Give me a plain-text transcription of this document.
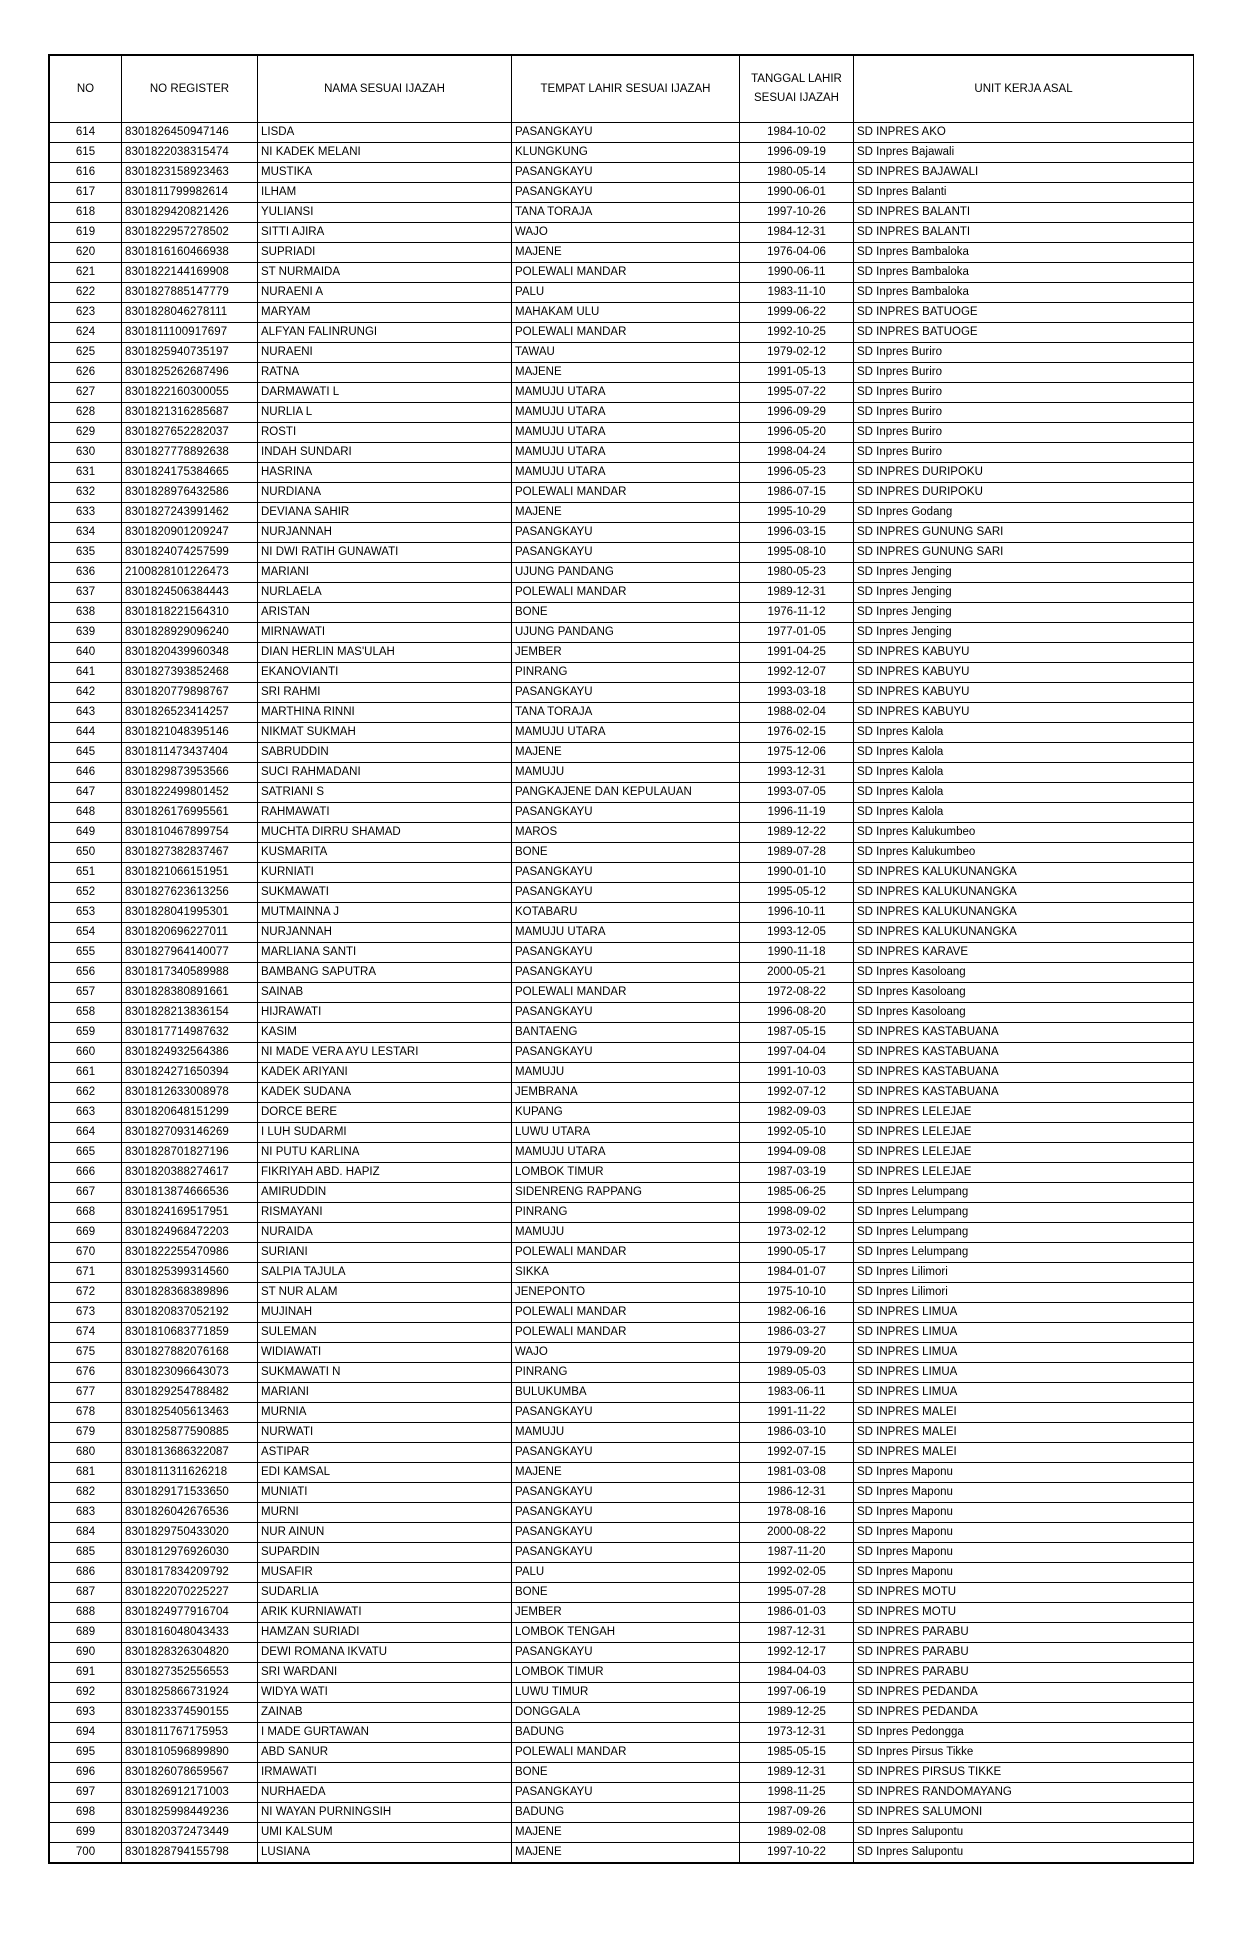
NO	NO REGISTER	NAMA SESUAI IJAZAH	TEMPAT LAHIR SESUAI IJAZAH	TANGGAL LAHIR SESUAI IJAZAH	UNIT KERJA ASAL
614	8301826450947146	LISDA	PASANGKAYU	1984-10-02	SD INPRES AKO
615	8301822038315474	NI KADEK MELANI	KLUNGKUNG	1996-09-19	SD Inpres Bajawali
616	8301823158923463	MUSTIKA	PASANGKAYU	1980-05-14	SD INPRES BAJAWALI
617	8301811799982614	ILHAM	PASANGKAYU	1990-06-01	SD Inpres Balanti
618	8301829420821426	YULIANSI	TANA TORAJA	1997-10-26	SD INPRES BALANTI
619	8301822957278502	SITTI AJIRA	WAJO	1984-12-31	SD INPRES BALANTI
620	8301816160466938	SUPRIADI	MAJENE	1976-04-06	SD Inpres Bambaloka
621	8301822144169908	ST NURMAIDA	POLEWALI MANDAR	1990-06-11	SD Inpres Bambaloka
622	8301827885147779	NURAENI A	PALU	1983-11-10	SD Inpres Bambaloka
623	8301828046278111	MARYAM	MAHAKAM ULU	1999-06-22	SD INPRES BATUOGE
624	8301811100917697	ALFYAN FALINRUNGI	POLEWALI MANDAR	1992-10-25	SD INPRES BATUOGE
625	8301825940735197	NURAENI	TAWAU	1979-02-12	SD Inpres Buriro
626	8301825262687496	RATNA	MAJENE	1991-05-13	SD Inpres Buriro
627	8301822160300055	DARMAWATI L	MAMUJU UTARA	1995-07-22	SD Inpres Buriro
628	8301821316285687	NURLIA L	MAMUJU UTARA	1996-09-29	SD Inpres Buriro
629	8301827652282037	ROSTI	MAMUJU UTARA	1996-05-20	SD Inpres Buriro
630	8301827778892638	INDAH SUNDARI	MAMUJU UTARA	1998-04-24	SD Inpres Buriro
631	8301824175384665	HASRINA	MAMUJU UTARA	1996-05-23	SD INPRES DURIPOKU
632	8301828976432586	NURDIANA	POLEWALI MANDAR	1986-07-15	SD INPRES DURIPOKU
633	8301827243991462	DEVIANA SAHIR	MAJENE	1995-10-29	SD Inpres Godang
634	8301820901209247	NURJANNAH	PASANGKAYU	1996-03-15	SD INPRES GUNUNG SARI
635	8301824074257599	NI DWI RATIH GUNAWATI	PASANGKAYU	1995-08-10	SD INPRES GUNUNG SARI
636	2100828101226473	MARIANI	UJUNG PANDANG	1980-05-23	SD Inpres Jenging
637	8301824506384443	NURLAELA	POLEWALI MANDAR	1989-12-31	SD Inpres Jenging
638	8301818221564310	ARISTAN	BONE	1976-11-12	SD Inpres Jenging
639	8301828929096240	MIRNAWATI	UJUNG PANDANG	1977-01-05	SD Inpres Jenging
640	8301820439960348	DIAN HERLIN MAS'ULAH	JEMBER	1991-04-25	SD INPRES KABUYU
641	8301827393852468	EKANOVIANTI	PINRANG	1992-12-07	SD INPRES KABUYU
642	8301820779898767	SRI RAHMI	PASANGKAYU	1993-03-18	SD INPRES KABUYU
643	8301826523414257	MARTHINA RINNI	TANA TORAJA	1988-02-04	SD INPRES KABUYU
644	8301821048395146	NIKMAT SUKMAH	MAMUJU UTARA	1976-02-15	SD Inpres Kalola
645	8301811473437404	SABRUDDIN	MAJENE	1975-12-06	SD Inpres Kalola
646	8301829873953566	SUCI RAHMADANI	MAMUJU	1993-12-31	SD Inpres Kalola
647	8301822499801452	SATRIANI S	PANGKAJENE DAN KEPULAUAN	1993-07-05	SD Inpres Kalola
648	8301826176995561	RAHMAWATI	PASANGKAYU	1996-11-19	SD Inpres Kalola
649	8301810467899754	MUCHTA DIRRU SHAMAD	MAROS	1989-12-22	SD Inpres Kalukumbeo
650	8301827382837467	KUSMARITA	BONE	1989-07-28	SD Inpres Kalukumbeo
651	8301821066151951	KURNIATI	PASANGKAYU	1990-01-10	SD INPRES KALUKUNANGKA
652	8301827623613256	SUKMAWATI	PASANGKAYU	1995-05-12	SD INPRES KALUKUNANGKA
653	8301828041995301	MUTMAINNA J	KOTABARU	1996-10-11	SD INPRES KALUKUNANGKA
654	8301820696227011	NURJANNAH	MAMUJU UTARA	1993-12-05	SD INPRES KALUKUNANGKA
655	8301827964140077	MARLIANA SANTI	PASANGKAYU	1990-11-18	SD INPRES KARAVE
656	8301817340589988	BAMBANG SAPUTRA	PASANGKAYU	2000-05-21	SD Inpres Kasoloang
657	8301828380891661	SAINAB	POLEWALI MANDAR	1972-08-22	SD Inpres Kasoloang
658	8301828213836154	HIJRAWATI	PASANGKAYU	1996-08-20	SD Inpres Kasoloang
659	8301817714987632	KASIM	BANTAENG	1987-05-15	SD INPRES KASTABUANA
660	8301824932564386	NI MADE VERA AYU LESTARI	PASANGKAYU	1997-04-04	SD INPRES KASTABUANA
661	8301824271650394	KADEK ARIYANI	MAMUJU	1991-10-03	SD INPRES KASTABUANA
662	8301812633008978	KADEK SUDANA	JEMBRANA	1992-07-12	SD INPRES KASTABUANA
663	8301820648151299	DORCE BERE	KUPANG	1982-09-03	SD INPRES LELEJAE
664	8301827093146269	I LUH SUDARMI	LUWU UTARA	1992-05-10	SD INPRES LELEJAE
665	8301828701827196	NI PUTU KARLINA	MAMUJU UTARA	1994-09-08	SD INPRES LELEJAE
666	8301820388274617	FIKRIYAH ABD. HAPIZ	LOMBOK TIMUR	1987-03-19	SD INPRES LELEJAE
667	8301813874666536	AMIRUDDIN	SIDENRENG RAPPANG	1985-06-25	SD Inpres Lelumpang
668	8301824169517951	RISMAYANI	PINRANG	1998-09-02	SD Inpres Lelumpang
669	8301824968472203	NURAIDA	MAMUJU	1973-02-12	SD Inpres Lelumpang
670	8301822255470986	SURIANI	POLEWALI MANDAR	1990-05-17	SD Inpres Lelumpang
671	8301825399314560	SALPIA TAJULA	SIKKA	1984-01-07	SD Inpres Lilimori
672	8301828368389896	ST NUR ALAM	JENEPONTO	1975-10-10	SD Inpres Lilimori
673	8301820837052192	MUJINAH	POLEWALI MANDAR	1982-06-16	SD INPRES LIMUA
674	8301810683771859	SULEMAN	POLEWALI MANDAR	1986-03-27	SD INPRES LIMUA
675	8301827882076168	WIDIAWATI	WAJO	1979-09-20	SD INPRES LIMUA
676	8301823096643073	SUKMAWATI N	PINRANG	1989-05-03	SD INPRES LIMUA
677	8301829254788482	MARIANI	BULUKUMBA	1983-06-11	SD INPRES LIMUA
678	8301825405613463	MURNIA	PASANGKAYU	1991-11-22	SD INPRES MALEI
679	8301825877590885	NURWATI	MAMUJU	1986-03-10	SD INPRES MALEI
680	8301813686322087	ASTIPAR	PASANGKAYU	1992-07-15	SD INPRES MALEI
681	8301811311626218	EDI KAMSAL	MAJENE	1981-03-08	SD Inpres Maponu
682	8301829171533650	MUNIATI	PASANGKAYU	1986-12-31	SD Inpres Maponu
683	8301826042676536	MURNI	PASANGKAYU	1978-08-16	SD Inpres Maponu
684	8301829750433020	NUR AINUN	PASANGKAYU	2000-08-22	SD Inpres Maponu
685	8301812976926030	SUPARDIN	PASANGKAYU	1987-11-20	SD Inpres Maponu
686	8301817834209792	MUSAFIR	PALU	1992-02-05	SD Inpres Maponu
687	8301822070225227	SUDARLIA	BONE	1995-07-28	SD INPRES MOTU
688	8301824977916704	ARIK KURNIAWATI	JEMBER	1986-01-03	SD INPRES MOTU
689	8301816048043433	HAMZAN SURIADI	LOMBOK TENGAH	1987-12-31	SD INPRES PARABU
690	8301828326304820	DEWI ROMANA IKVATU	PASANGKAYU	1992-12-17	SD INPRES PARABU
691	8301827352556553	SRI WARDANI	LOMBOK TIMUR	1984-04-03	SD INPRES PARABU
692	8301825866731924	WIDYA WATI	LUWU TIMUR	1997-06-19	SD INPRES PEDANDA
693	8301823374590155	ZAINAB	DONGGALA	1989-12-25	SD INPRES PEDANDA
694	8301811767175953	I MADE GURTAWAN	BADUNG	1973-12-31	SD Inpres Pedongga
695	8301810596899890	ABD SANUR	POLEWALI MANDAR	1985-05-15	SD Inpres Pirsus Tikke
696	8301826078659567	IRMAWATI	BONE	1989-12-31	SD INPRES PIRSUS TIKKE
697	8301826912171003	NURHAEDA	PASANGKAYU	1998-11-25	SD INPRES RANDOMAYANG
698	8301825998449236	NI WAYAN PURNINGSIH	BADUNG	1987-09-26	SD INPRES SALUMONI
699	8301820372473449	UMI KALSUM	MAJENE	1989-02-08	SD Inpres Salupontu
700	8301828794155798	LUSIANA	MAJENE	1997-10-22	SD Inpres Salupontu
